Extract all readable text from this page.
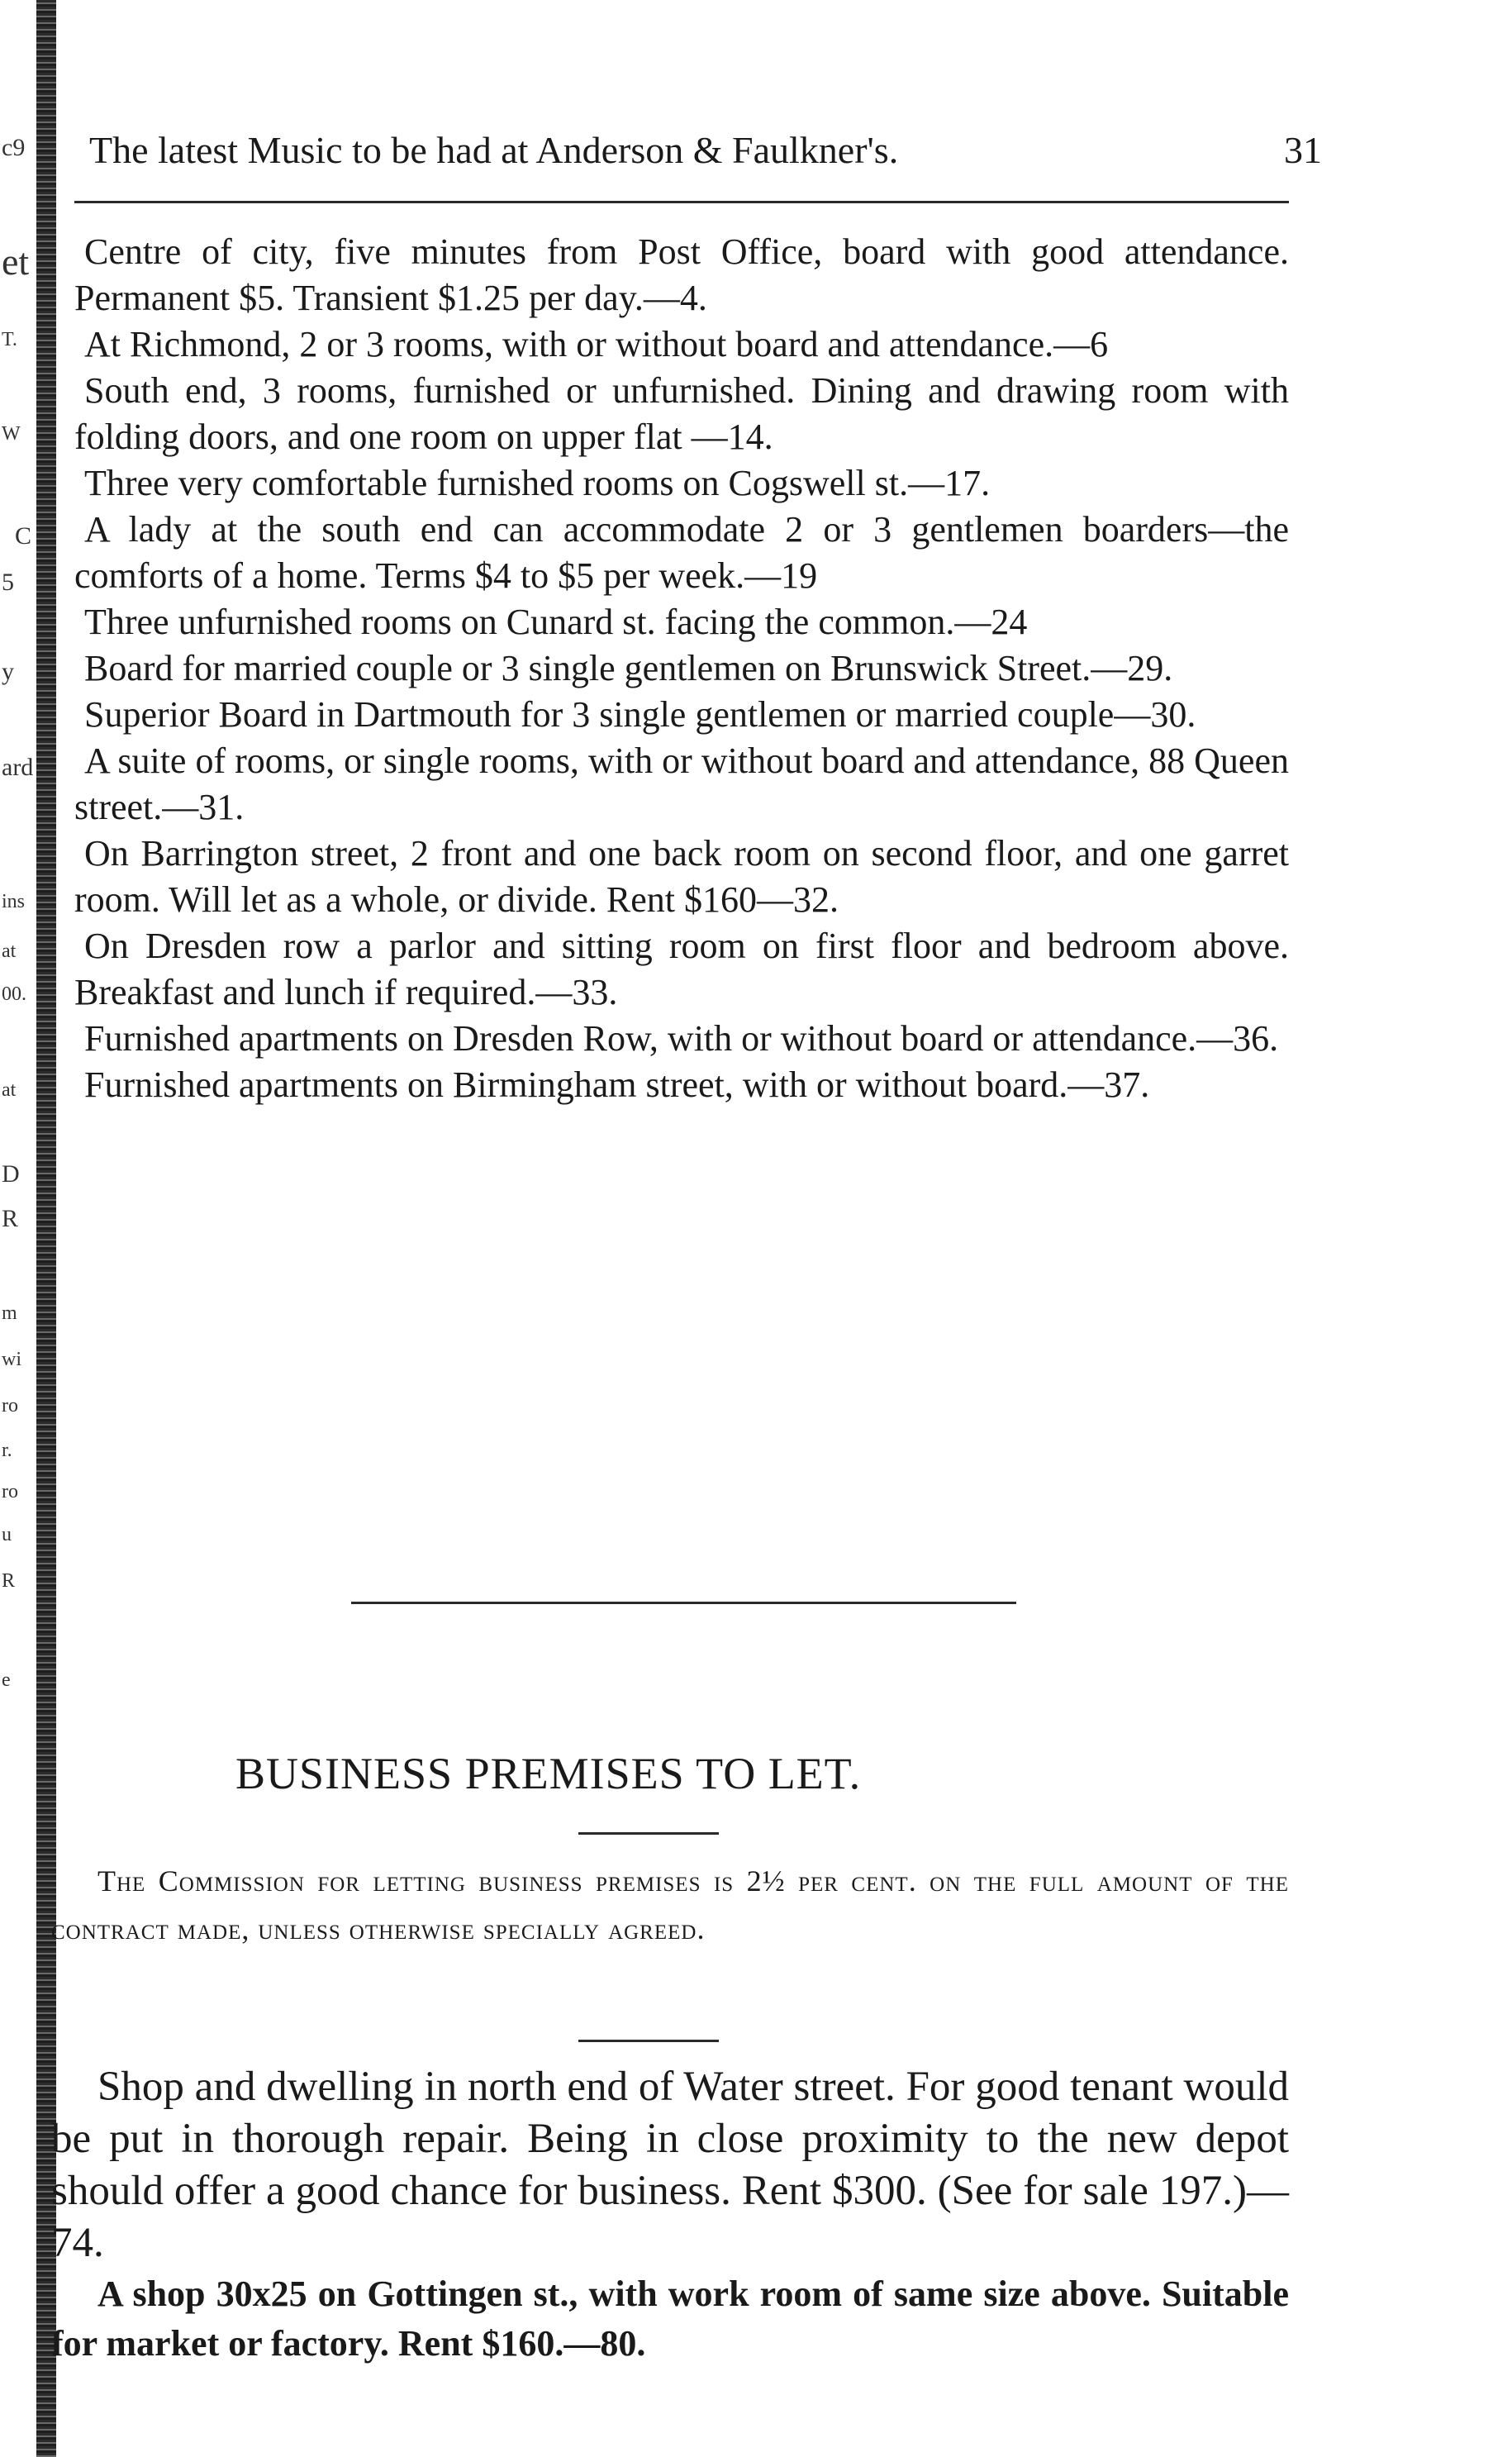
c9
et
T.
W
C
5
y
ard
ins
at
00.
at
D
R
m
wi
ro
r.
ro
u
R
e
The latest Music to be had at Anderson & Faulkner's.	31

Centre of city, five minutes from Post Office, board with good attendance. Permanent $5. Transient $1.25 per day.—4.

At Richmond, 2 or 3 rooms, with or without board and attendance.—6

South end, 3 rooms, furnished or unfurnished. Dining and drawing room with folding doors, and one room on upper flat —14.

Three very comfortable furnished rooms on Cogswell st.—17.

A lady at the south end can accommodate 2 or 3 gentlemen boarders—the comforts of a home. Terms $4 to $5 per week.—19

Three unfurnished rooms on Cunard st. facing the common.—24

Board for married couple or 3 single gentlemen on Brunswick Street.—29.

Superior Board in Dartmouth for 3 single gentlemen or married couple—30.

A suite of rooms, or single rooms, with or without board and attendance, 88 Queen street.—31.

On Barrington street, 2 front and one back room on second floor, and one garret room. Will let as a whole, or divide. Rent $160—32.

On Dresden row a parlor and sitting room on first floor and bedroom above. Breakfast and lunch if required.—33.

Furnished apartments on Dresden Row, with or without board or attendance.—36.

Furnished apartments on Birmingham street, with or without board.—37.

BUSINESS PREMISES TO LET.

The Commission for letting business premises is 2½ per cent. on the full amount of the contract made, unless otherwise specially agreed.

Shop and dwelling in north end of Water street. For good tenant would be put in thorough repair. Being in close proximity to the new depot should offer a good chance for business. Rent $300. (See for sale 197.)—74.

A shop 30x25 on Gottingen st., with work room of same size above. Suitable for market or factory. Rent $160.—80.
